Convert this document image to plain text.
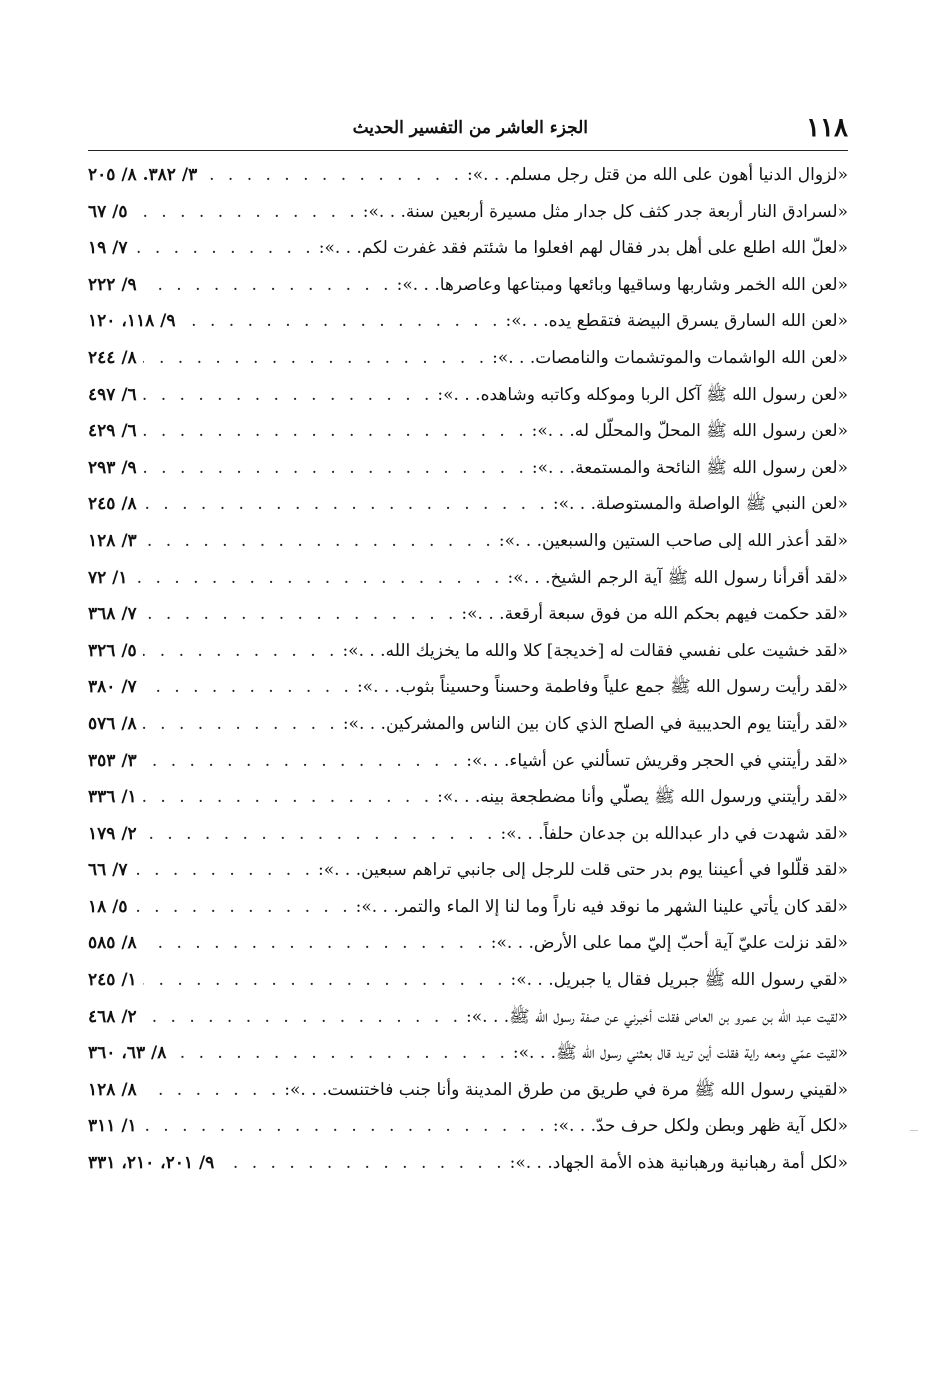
١١٨
الجزء العاشر من التفسير الحديث
«لزوال الدنيا أهون على الله من قتل رجل مسلم. . .»:
. . .
٣/ ٣٨٢. ٨/ ٢٠٥
«لسرادق النار أربعة جدر كثف كل جدار مثل مسيرة أربعين سنة. . .»:
. . .
٥/ ٦٧
«لعلّ الله اطلع على أهل بدر فقال لهم افعلوا ما شئتم فقد غفرت لكم. . .»:
. . .
٧/ ١٩
«لعن الله الخمر وشاربها وساقيها وبائعها ومبتاعها وعاصرها. . .»:
. . .
٩/ ٢٢٢
«لعن الله السارق يسرق البيضة فتقطع يده. . .»:
. . .
٩/ ١١٨، ١٢٠
«لعن الله الواشمات والموتشمات والنامصات. . .»:
. . .
٨/ ٢٤٤
«لعن رسول الله ﷺ آكل الربا وموكله وكاتبه وشاهده. . .»:
. . .
٦/ ٤٩٧
«لعن رسول الله ﷺ المحلّ والمحلّل له. . .»:
. . .
٦/ ٤٢٩
«لعن رسول الله ﷺ النائحة والمستمعة. . .»:
. . .
٩/ ٢٩٣
«لعن النبي ﷺ الواصلة والمستوصلة. . .»:
. . .
٨/ ٢٤٥
«لقد أعذر الله إلى صاحب الستين والسبعين. . .»:
. . .
٣/ ١٢٨
«لقد أقرأنا رسول الله ﷺ آية الرجم الشيخ. . .»:
. . .
١/ ٧٢
«لقد حكمت فيهم بحكم الله من فوق سبعة أرقعة. . .»:
. . .
٧/ ٣٦٨
«لقد خشيت على نفسي فقالت له [خديجة] كلا والله ما يخزيك الله. . .»:
. . .
٥/ ٣٢٦
«لقد رأيت رسول الله ﷺ جمع علياً وفاطمة وحسناً وحسيناً بثوب. . .»:
. . .
٧/ ٣٨٠
«لقد رأيتنا يوم الحديبية في الصلح الذي كان بين الناس والمشركين. . .»:
. . .
٨/ ٥٧٦
«لقد رأيتني في الحجر وقريش تسألني عن أشياء. . .»:
. . .
٣/ ٣٥٣
«لقد رأيتني ورسول الله ﷺ يصلّي وأنا مضطجعة بينه. . .»:
. . .
١/ ٣٣٦
«لقد شهدت في دار عبدالله بن جدعان حلفاً. . .»:
. . .
٢/ ١٧٩
«لقد قلّلوا في أعيننا يوم بدر حتى قلت للرجل إلى جانبي تراهم سبعين. . .»:
. . .
٧/ ٦٦
«لقد كان يأتي علينا الشهر ما نوقد فيه ناراً وما لنا إلا الماء والتمر. . .»:
. . .
٥/ ١٨
«لقد نزلت عليّ آية أحبّ إليّ مما على الأرض. . .»:
. . .
٨/ ٥٨٥
«لقي رسول الله ﷺ جبريل فقال يا جبريل. . .»:
. . .
١/ ٢٤٥
«لقيت عبد الله بن عمرو بن العاص فقلت أخبرني عن صفة رسول الله ﷺ. . .»:
. . .
٢/ ٤٦٨
«لقيت عمّي ومعه راية فقلت أين تريد قال بعثني رسول الله ﷺ. . .»:
. . .
٨/ ٦٣، ٣٦٠
«لقيني رسول الله ﷺ مرة في طريق من طرق المدينة وأنا جنب فاختنست. . .»:
. . .
٨/ ١٢٨
«لكل آية ظهر وبطن ولكل حرف حدّ. . .»:
. . .
١/ ٣١١
«لكل أمة رهبانية ورهبانية هذه الأمة الجهاد. . .»:
. . .
٩/ ٢٠١، ٢١٠، ٣٣١
